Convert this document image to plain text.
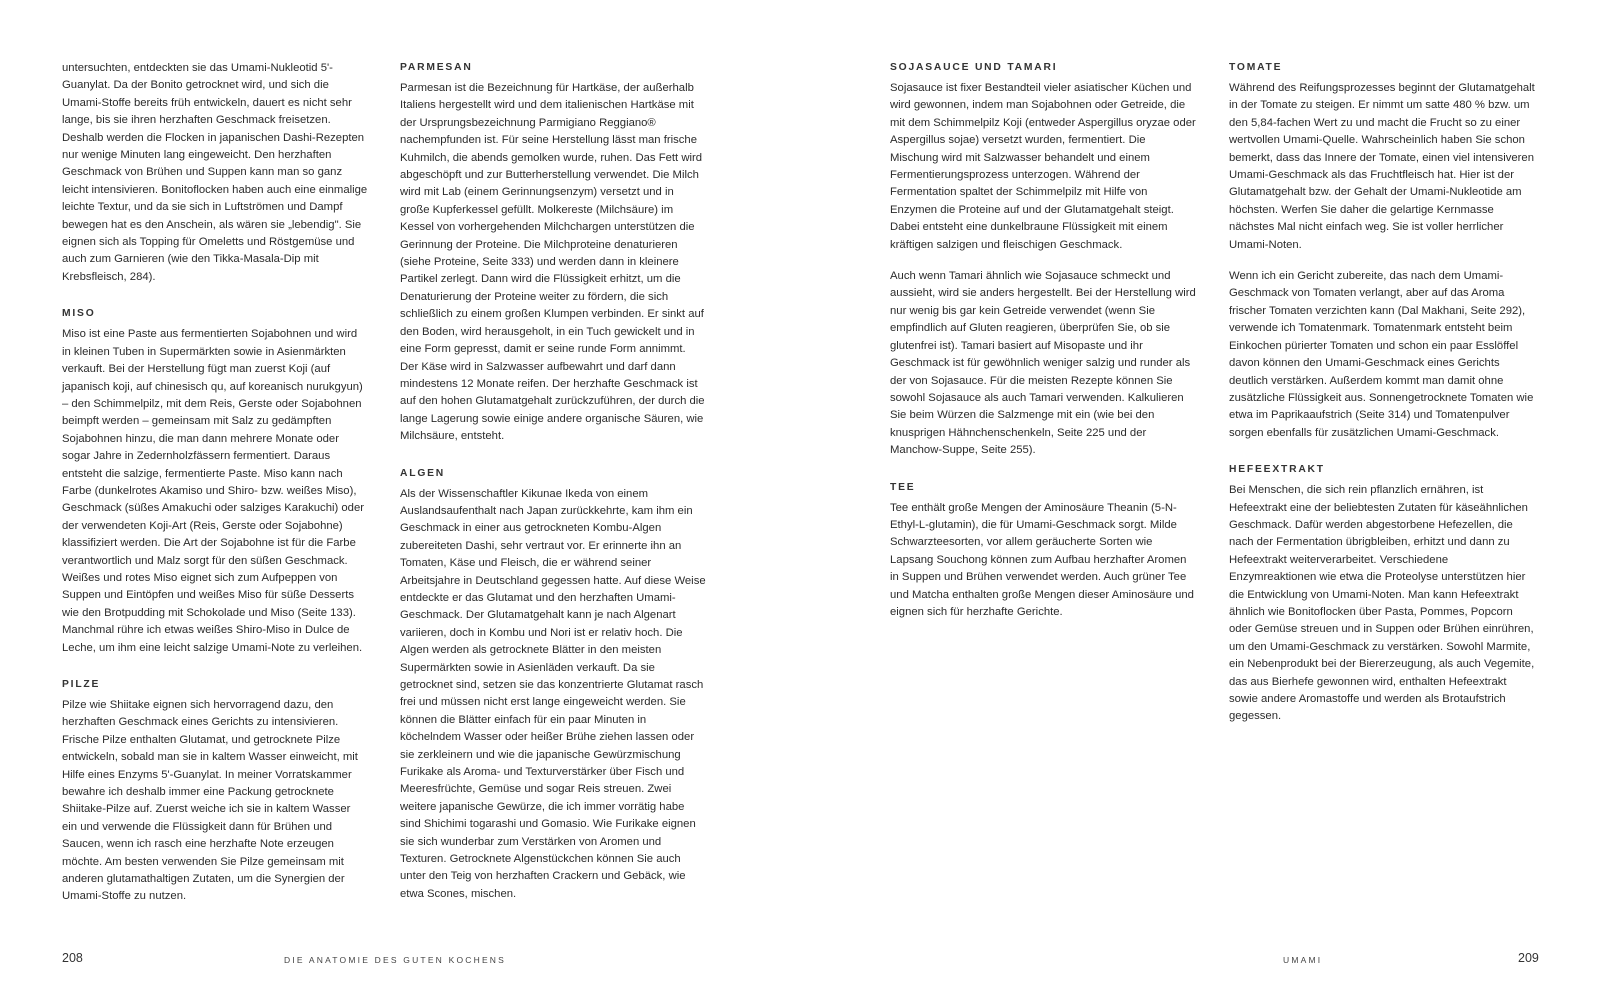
untersuchten, entdeckten sie das Umami-Nukleotid 5'-Guanylat. Da der Bonito getrocknet wird, und sich die Umami-Stoffe bereits früh entwickeln, dauert es nicht sehr lange, bis sie ihren herzhaften Geschmack freisetzen. Deshalb werden die Flocken in japanischen Dashi-Rezepten nur wenige Minuten lang eingeweicht. Den herzhaften Geschmack von Brühen und Suppen kann man so ganz leicht intensivieren. Bonitoflocken haben auch eine einmalige leichte Textur, und da sie sich in Luftströmen und Dampf bewegen hat es den Anschein, als wären sie „lebendig". Sie eignen sich als Topping für Omeletts und Röstgemüse und auch zum Garnieren (wie den Tikka-Masala-Dip mit Krebsfleisch, 284).

MISO

Miso ist eine Paste aus fermentierten Sojabohnen und wird in kleinen Tuben in Supermärkten sowie in Asienmärkten verkauft. Bei der Herstellung fügt man zuerst Koji (auf japanisch koji, auf chinesisch qu, auf koreanisch nurukgyun) – den Schimmelpilz, mit dem Reis, Gerste oder Sojabohnen beimpft werden – gemeinsam mit Salz zu gedämpften Sojabohnen hinzu, die man dann mehrere Monate oder sogar Jahre in Zedernholzfässern fermentiert. Daraus entsteht die salzige, fermentierte Paste. Miso kann nach Farbe (dunkelrotes Akamiso und Shiro- bzw. weißes Miso), Geschmack (süßes Amakuchi oder salziges Karakuchi) oder der verwendeten Koji-Art (Reis, Gerste oder Sojabohne) klassifiziert werden. Die Art der Sojabohne ist für die Farbe verantwortlich und Malz sorgt für den süßen Geschmack. Weißes und rotes Miso eignet sich zum Aufpeppen von Suppen und Eintöpfen und weißes Miso für süße Desserts wie den Brotpudding mit Schokolade und Miso (Seite 133). Manchmal rühre ich etwas weißes Shiro-Miso in Dulce de Leche, um ihm eine leicht salzige Umami-Note zu verleihen.

PILZE

Pilze wie Shiitake eignen sich hervorragend dazu, den herzhaften Geschmack eines Gerichts zu intensivieren. Frische Pilze enthalten Glutamat, und getrocknete Pilze entwickeln, sobald man sie in kaltem Wasser einweicht, mit Hilfe eines Enzyms 5'-Guanylat. In meiner Vorratskammer bewahre ich deshalb immer eine Packung getrocknete Shiitake-Pilze auf. Zuerst weiche ich sie in kaltem Wasser ein und verwende die Flüssigkeit dann für Brühen und Saucen, wenn ich rasch eine herzhafte Note erzeugen möchte. Am besten verwenden Sie Pilze gemeinsam mit anderen glutamathaltigen Zutaten, um die Synergien der Umami-Stoffe zu nutzen.

PARMESAN

Parmesan ist die Bezeichnung für Hartkäse, der außerhalb Italiens hergestellt wird und dem italienischen Hartkäse mit der Ursprungsbezeichnung Parmigiano Reggiano® nachempfunden ist. Für seine Herstellung lässt man frische Kuhmilch, die abends gemolken wurde, ruhen. Das Fett wird abgeschöpft und zur Butterherstellung verwendet. Die Milch wird mit Lab (einem Gerinnungsenzym) versetzt und in große Kupferkessel gefüllt. Molkereste (Milchsäure) im Kessel von vorhergehenden Milchchargen unterstützen die Gerinnung der Proteine. Die Milchproteine denaturieren (siehe Proteine, Seite 333) und werden dann in kleinere Partikel zerlegt. Dann wird die Flüssigkeit erhitzt, um die Denaturierung der Proteine weiter zu fördern, die sich schließlich zu einem großen Klumpen verbinden. Er sinkt auf den Boden, wird herausgeholt, in ein Tuch gewickelt und in eine Form gepresst, damit er seine runde Form annimmt. Der Käse wird in Salzwasser aufbewahrt und darf dann mindestens 12 Monate reifen. Der herzhafte Geschmack ist auf den hohen Glutamatgehalt zurückzuführen, der durch die lange Lagerung sowie einige andere organische Säuren, wie Milchsäure, entsteht.

ALGEN

Als der Wissenschaftler Kikunae Ikeda von einem Auslandsaufenthalt nach Japan zurückkehrte, kam ihm ein Geschmack in einer aus getrockneten Kombu-Algen zubereiteten Dashi, sehr vertraut vor. Er erinnerte ihn an Tomaten, Käse und Fleisch, die er während seiner Arbeitsjahre in Deutschland gegessen hatte. Auf diese Weise entdeckte er das Glutamat und den herzhaften Umami-Geschmack. Der Glutamatgehalt kann je nach Algenart variieren, doch in Kombu und Nori ist er relativ hoch. Die Algen werden als getrocknete Blätter in den meisten Supermärkten sowie in Asienläden verkauft. Da sie getrocknet sind, setzen sie das konzentrierte Glutamat rasch frei und müssen nicht erst lange eingeweicht werden. Sie können die Blätter einfach für ein paar Minuten in köchelndem Wasser oder heißer Brühe ziehen lassen oder sie zerkleinern und wie die japanische Gewürzmischung Furikake als Aroma- und Texturverstärker über Fisch und Meeresfrüchte, Gemüse und sogar Reis streuen. Zwei weitere japanische Gewürze, die ich immer vorrätig habe sind Shichimi togarashi und Gomasio. Wie Furikake eignen sie sich wunderbar zum Verstärken von Aromen und Texturen. Getrocknete Algenstückchen können Sie auch unter den Teig von herzhaften Crackern und Gebäck, wie etwa Scones, mischen.

SOJASAUCE UND TAMARI

Sojasauce ist fixer Bestandteil vieler asiatischer Küchen und wird gewonnen, indem man Sojabohnen oder Getreide, die mit dem Schimmelpilz Koji (entweder Aspergillus oryzae oder Aspergillus sojae) versetzt wurden, fermentiert. Die Mischung wird mit Salzwasser behandelt und einem Fermentierungsprozess unterzogen. Während der Fermentation spaltet der Schimmelpilz mit Hilfe von Enzymen die Proteine auf und der Glutamatgehalt steigt. Dabei entsteht eine dunkelbraune Flüssigkeit mit einem kräftigen salzigen und fleischigen Geschmack.

Auch wenn Tamari ähnlich wie Sojasauce schmeckt und aussieht, wird sie anders hergestellt. Bei der Herstellung wird nur wenig bis gar kein Getreide verwendet (wenn Sie empfindlich auf Gluten reagieren, überprüfen Sie, ob sie glutenfrei ist). Tamari basiert auf Misopaste und ihr Geschmack ist für gewöhnlich weniger salzig und runder als der von Sojasauce. Für die meisten Rezepte können Sie sowohl Sojasauce als auch Tamari verwenden. Kalkulieren Sie beim Würzen die Salzmenge mit ein (wie bei den knusprigen Hähnchenschenkeln, Seite 225 und der Manchow-Suppe, Seite 255).

TEE

Tee enthält große Mengen der Aminosäure Theanin (5-N-Ethyl-L-glutamin), die für Umami-Geschmack sorgt. Milde Schwarzteesorten, vor allem geräucherte Sorten wie Lapsang Souchong können zum Aufbau herzhafter Aromen in Suppen und Brühen verwendet werden. Auch grüner Tee und Matcha enthalten große Mengen dieser Aminosäure und eignen sich für herzhafte Gerichte.

TOMATE

Während des Reifungsprozesses beginnt der Glutamatgehalt in der Tomate zu steigen. Er nimmt um satte 480 % bzw. um den 5,84-fachen Wert zu und macht die Frucht so zu einer wertvollen Umami-Quelle. Wahrscheinlich haben Sie schon bemerkt, dass das Innere der Tomate, einen viel intensiveren Umami-Geschmack als das Fruchtfleisch hat. Hier ist der Glutamatgehalt bzw. der Gehalt der Umami-Nukleotide am höchsten. Werfen Sie daher die gelartige Kernmasse nächstes Mal nicht einfach weg. Sie ist voller herrlicher Umami-Noten.

Wenn ich ein Gericht zubereite, das nach dem Umami-Geschmack von Tomaten verlangt, aber auf das Aroma frischer Tomaten verzichten kann (Dal Makhani, Seite 292), verwende ich Tomatenmark. Tomatenmark entsteht beim Einkochen pürierter Tomaten und schon ein paar Esslöffel davon können den Umami-Geschmack eines Gerichts deutlich verstärken. Außerdem kommt man damit ohne zusätzliche Flüssigkeit aus. Sonnengetrocknete Tomaten wie etwa im Paprikaaufstrich (Seite 314) und Tomatenpulver sorgen ebenfalls für zusätzlichen Umami-Geschmack.

HEFEEXTRAKT

Bei Menschen, die sich rein pflanzlich ernähren, ist Hefeextrakt eine der beliebtesten Zutaten für käseähnlichen Geschmack. Dafür werden abgestorbene Hefezellen, die nach der Fermentation übrigbleiben, erhitzt und dann zu Hefeextrakt weiterverarbeitet. Verschiedene Enzymreaktionen wie etwa die Proteolyse unterstützen hier die Entwicklung von Umami-Noten. Man kann Hefeextrakt ähnlich wie Bonitoflocken über Pasta, Pommes, Popcorn oder Gemüse streuen und in Suppen oder Brühen einrühren, um den Umami-Geschmack zu verstärken. Sowohl Marmite, ein Nebenprodukt bei der Biererzeugung, als auch Vegemite, das aus Bierhefe gewonnen wird, enthalten Hefeextrakt sowie andere Aromastoffe und werden als Brotaufstrich gegessen.

208	DIE ANATOMIE DES GUTEN KOCHENS	UMAMI	209
